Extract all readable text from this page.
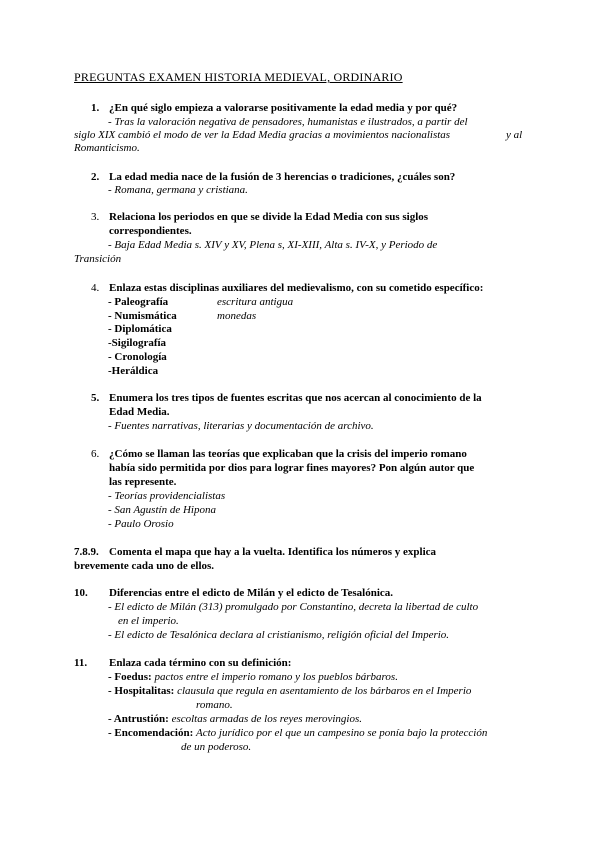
PREGUNTAS EXAMEN HISTORIA MEDIEVAL, ORDINARIO
1. ¿En qué siglo empieza a valorarse positivamente la edad media y por qué?
- Tras la valoración negativa de pensadores, humanistas e ilustrados, a partir del
siglo XIX cambió el modo de ver la Edad Media gracias a movimientos nacionalistas	y al
Romanticismo.
2. La edad media nace de la fusión de 3 herencias o tradiciones, ¿cuáles son?
- Romana, germana y cristiana.
3. Relaciona los periodos en que se divide la Edad Media con sus siglos
correspondientes.
- Baja Edad Media s. XIV y XV, Plena s, XI-XIII, Alta s. IV-X, y Periodo de
Transición
4. Enlaza estas disciplinas auxiliares del medievalismo, con su cometido específico:
- Paleografía	escritura antigua
- Numismática	monedas
- Diplomática
-Sigilografía
- Cronología
-Heráldica
5. Enumera los tres tipos de fuentes escritas que nos acercan al conocimiento de la
Edad Media.
- Fuentes narrativas, literarias y documentación de archivo.
6. ¿Cómo se llaman las teorías que explicaban que la crisis del imperio romano
había sido permitida por dios para lograr fines mayores? Pon algún autor que
las represente.
- Teorías providencialistas
- San Agustín de Hipona
- Paulo Orosio
7.8.9. Comenta el mapa que hay a la vuelta. Identifica los números y explica
brevemente cada uno de ellos.
10. Diferencias entre el edicto de Milán y el edicto de Tesalónica.
- El edicto de Milán (313) promulgado por Constantino, decreta la libertad de culto
en el imperio.
- El edicto de Tesalónica declara al cristianismo, religión oficial del Imperio.
11. Enlaza cada término con su definición:
- Foedus: pactos entre el imperio romano y los pueblos bárbaros.
- Hospitalitas: clausula que regula en asentamiento de los bárbaros en el Imperio
romano.
- Antrustión: escoltas armadas de los reyes merovingios.
- Encomendación: Acto jurídico por el que un campesino se ponía bajo la protección
de un poderoso.
